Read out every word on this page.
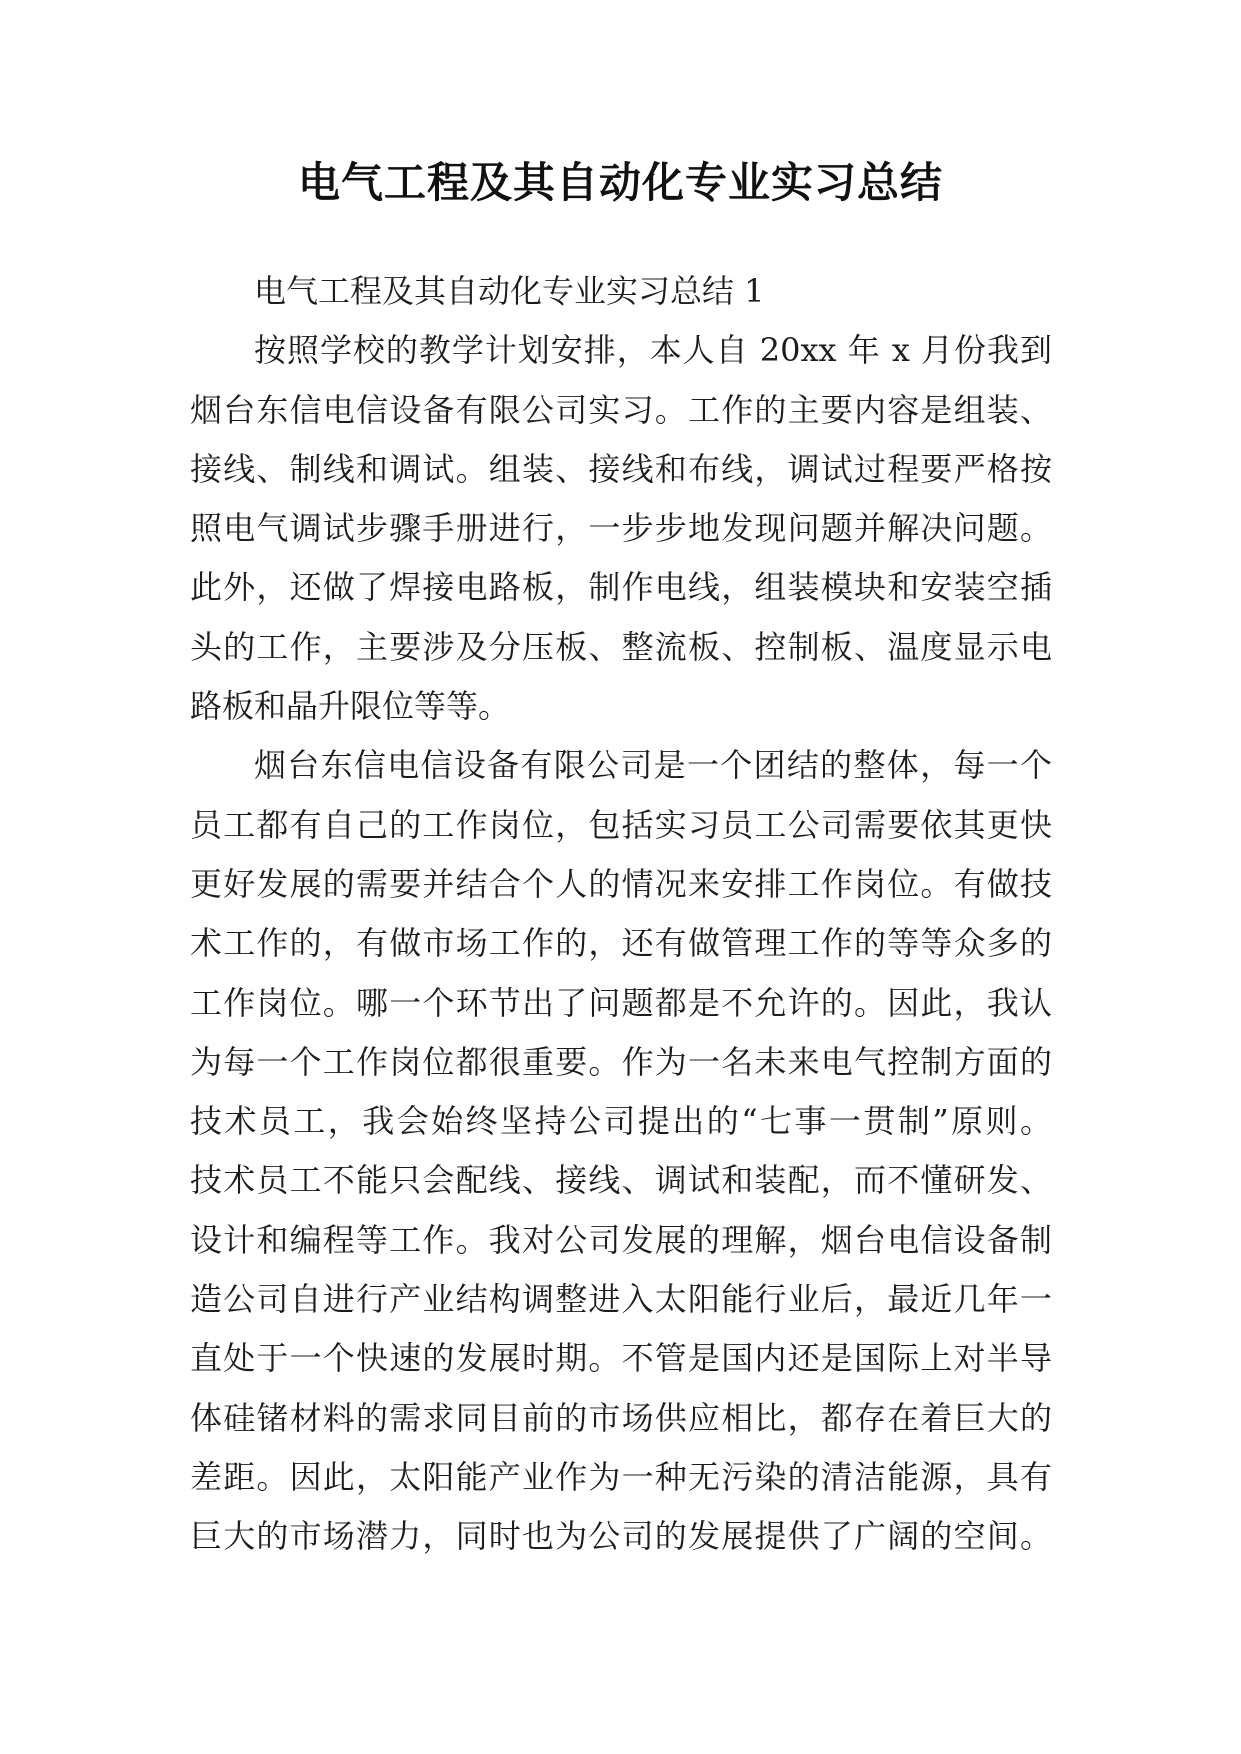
电气工程及其自动化专业实习总结
电气工程及其自动化专业实习总结 1
按照学校的教学计划安排，本人自 20xx 年 x 月份我到
烟台东信电信设备有限公司实习。工作的主要内容是组装、
接线、制线和调试。组装、接线和布线，调试过程要严格按
照电气调试步骤手册进行，一步步地发现问题并解决问题。
此外，还做了焊接电路板，制作电线，组装模块和安装空插
头的工作，主要涉及分压板、整流板、控制板、温度显示电
路板和晶升限位等等。
烟台东信电信设备有限公司是一个团结的整体，每一个
员工都有自己的工作岗位，包括实习员工公司需要依其更快
更好发展的需要并结合个人的情况来安排工作岗位。有做技
术工作的，有做市场工作的，还有做管理工作的等等众多的
工作岗位。哪一个环节出了问题都是不允许的。因此，我认
为每一个工作岗位都很重要。作为一名未来电气控制方面的
技术员工，我会始终坚持公司提出的“七事一贯制”原则。
技术员工不能只会配线、接线、调试和装配，而不懂研发、
设计和编程等工作。我对公司发展的理解，烟台电信设备制
造公司自进行产业结构调整进入太阳能行业后，最近几年一
直处于一个快速的发展时期。不管是国内还是国际上对半导
体硅锗材料的需求同目前的市场供应相比，都存在着巨大的
差距。因此，太阳能产业作为一种无污染的清洁能源，具有
巨大的市场潜力，同时也为公司的发展提供了广阔的空间。
